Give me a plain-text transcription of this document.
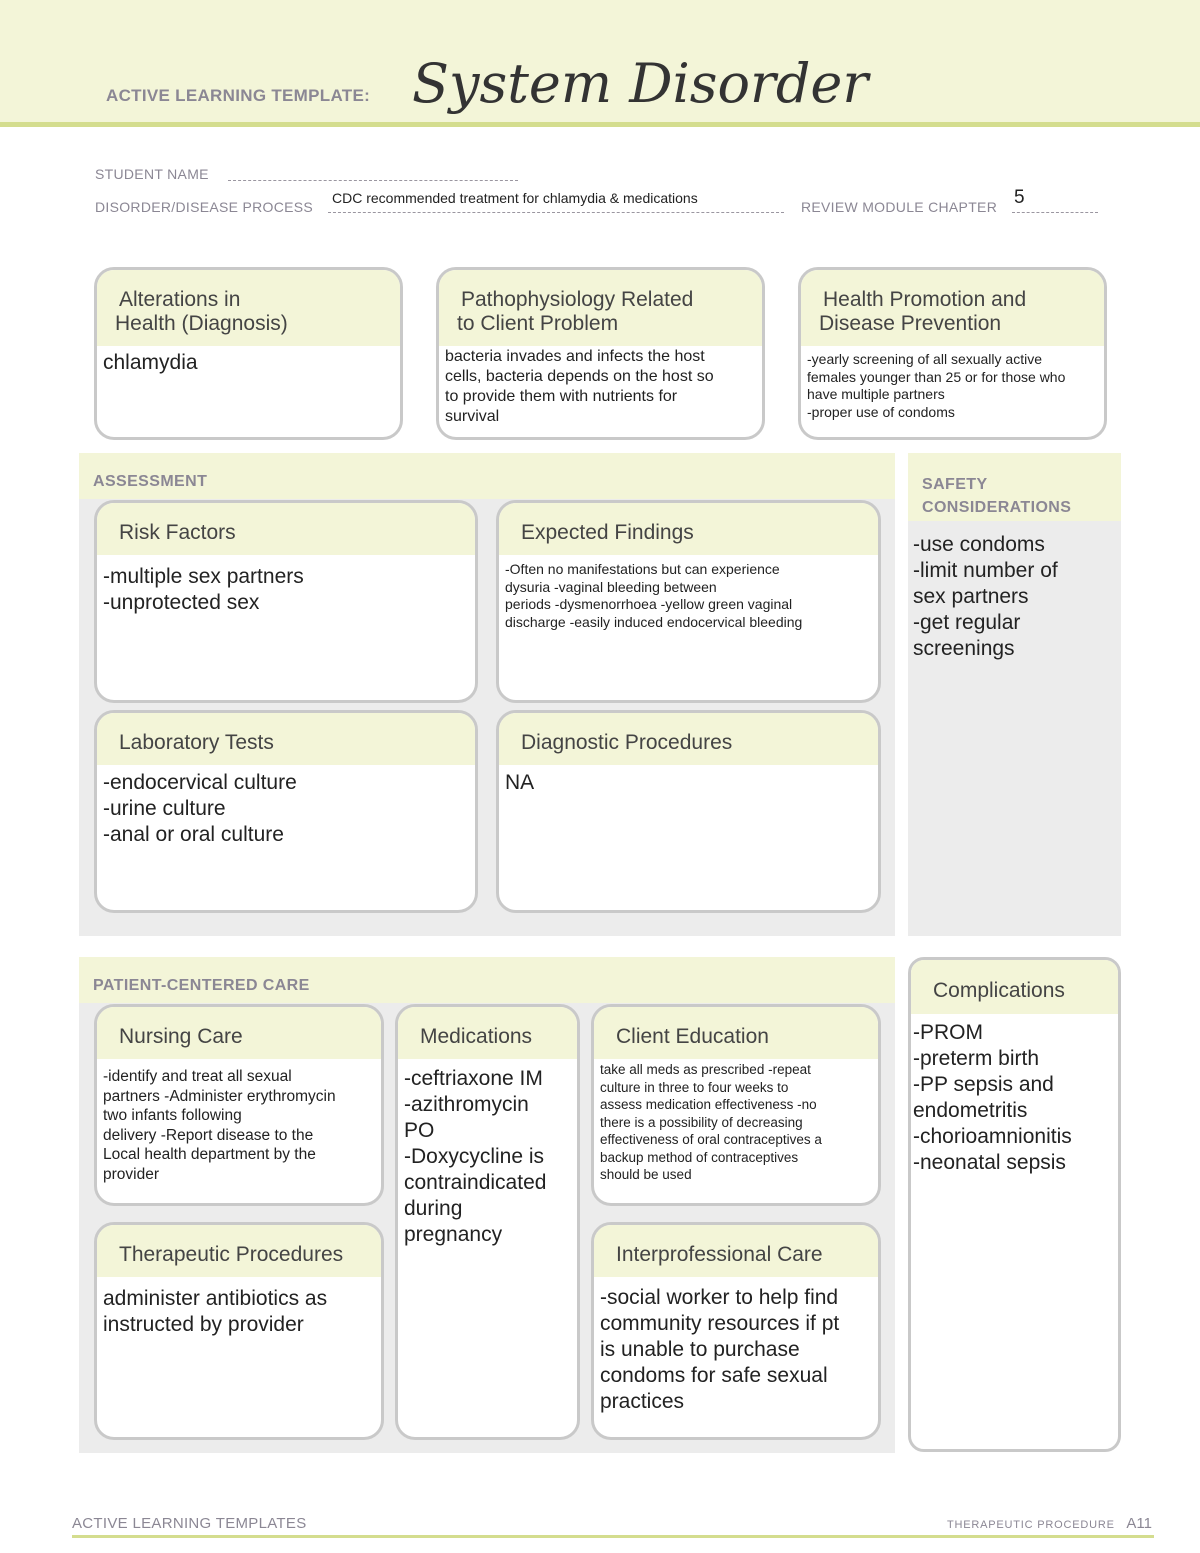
ACTIVE LEARNING TEMPLATE: System Disorder
STUDENT NAME
DISORDER/DISEASE PROCESS
CDC recommended treatment for chlamydia & medications
REVIEW MODULE CHAPTER 5
Alterations in
Health (Diagnosis)
chlamydia
Pathophysiology Related
to Client Problem
bacteria invades and infects the host
cells, bacteria depends on the host so
to provide them with nutrients for
survival
Health Promotion and
Disease Prevention
-yearly screening of all sexually active
females younger than 25 or for those who
have multiple partners
-proper use of condoms
ASSESSMENT
Risk Factors
-multiple sex partners
-unprotected sex
Expected Findings
-Often no manifestations but can experience
dysuria -vaginal bleeding between
periods -dysmenorrhoea -yellow green vaginal
discharge -easily induced endocervical bleeding
Laboratory Tests
-endocervical culture
-urine culture
-anal or oral culture
Diagnostic Procedures
NA
SAFETY
CONSIDERATIONS
-use condoms
-limit number of
sex partners
-get regular
screenings
PATIENT-CENTERED CARE
Nursing Care
-identify and treat all sexual
partners -Administer erythromycin
two infants following
delivery -Report disease to the
Local health department by the
provider
Medications
-ceftriaxone IM
-azithromycin
PO
-Doxycycline is
contraindicated
during
pregnancy
Client Education
take all meds as prescribed -repeat
culture in three to four weeks to
assess medication effectiveness -no
there is a possibility of decreasing
effectiveness of oral contraceptives a
backup method of contraceptives
should be used
Therapeutic Procedures
administer antibiotics as
instructed by provider
Interprofessional Care
-social worker to help find
community resources if pt
is unable to purchase
condoms for safe sexual
practices
Complications
-PROM
-preterm birth
-PP sepsis and
endometritis
-chorioamnionitis
-neonatal sepsis
ACTIVE LEARNING TEMPLATES	THERAPEUTIC PROCEDURE A11
